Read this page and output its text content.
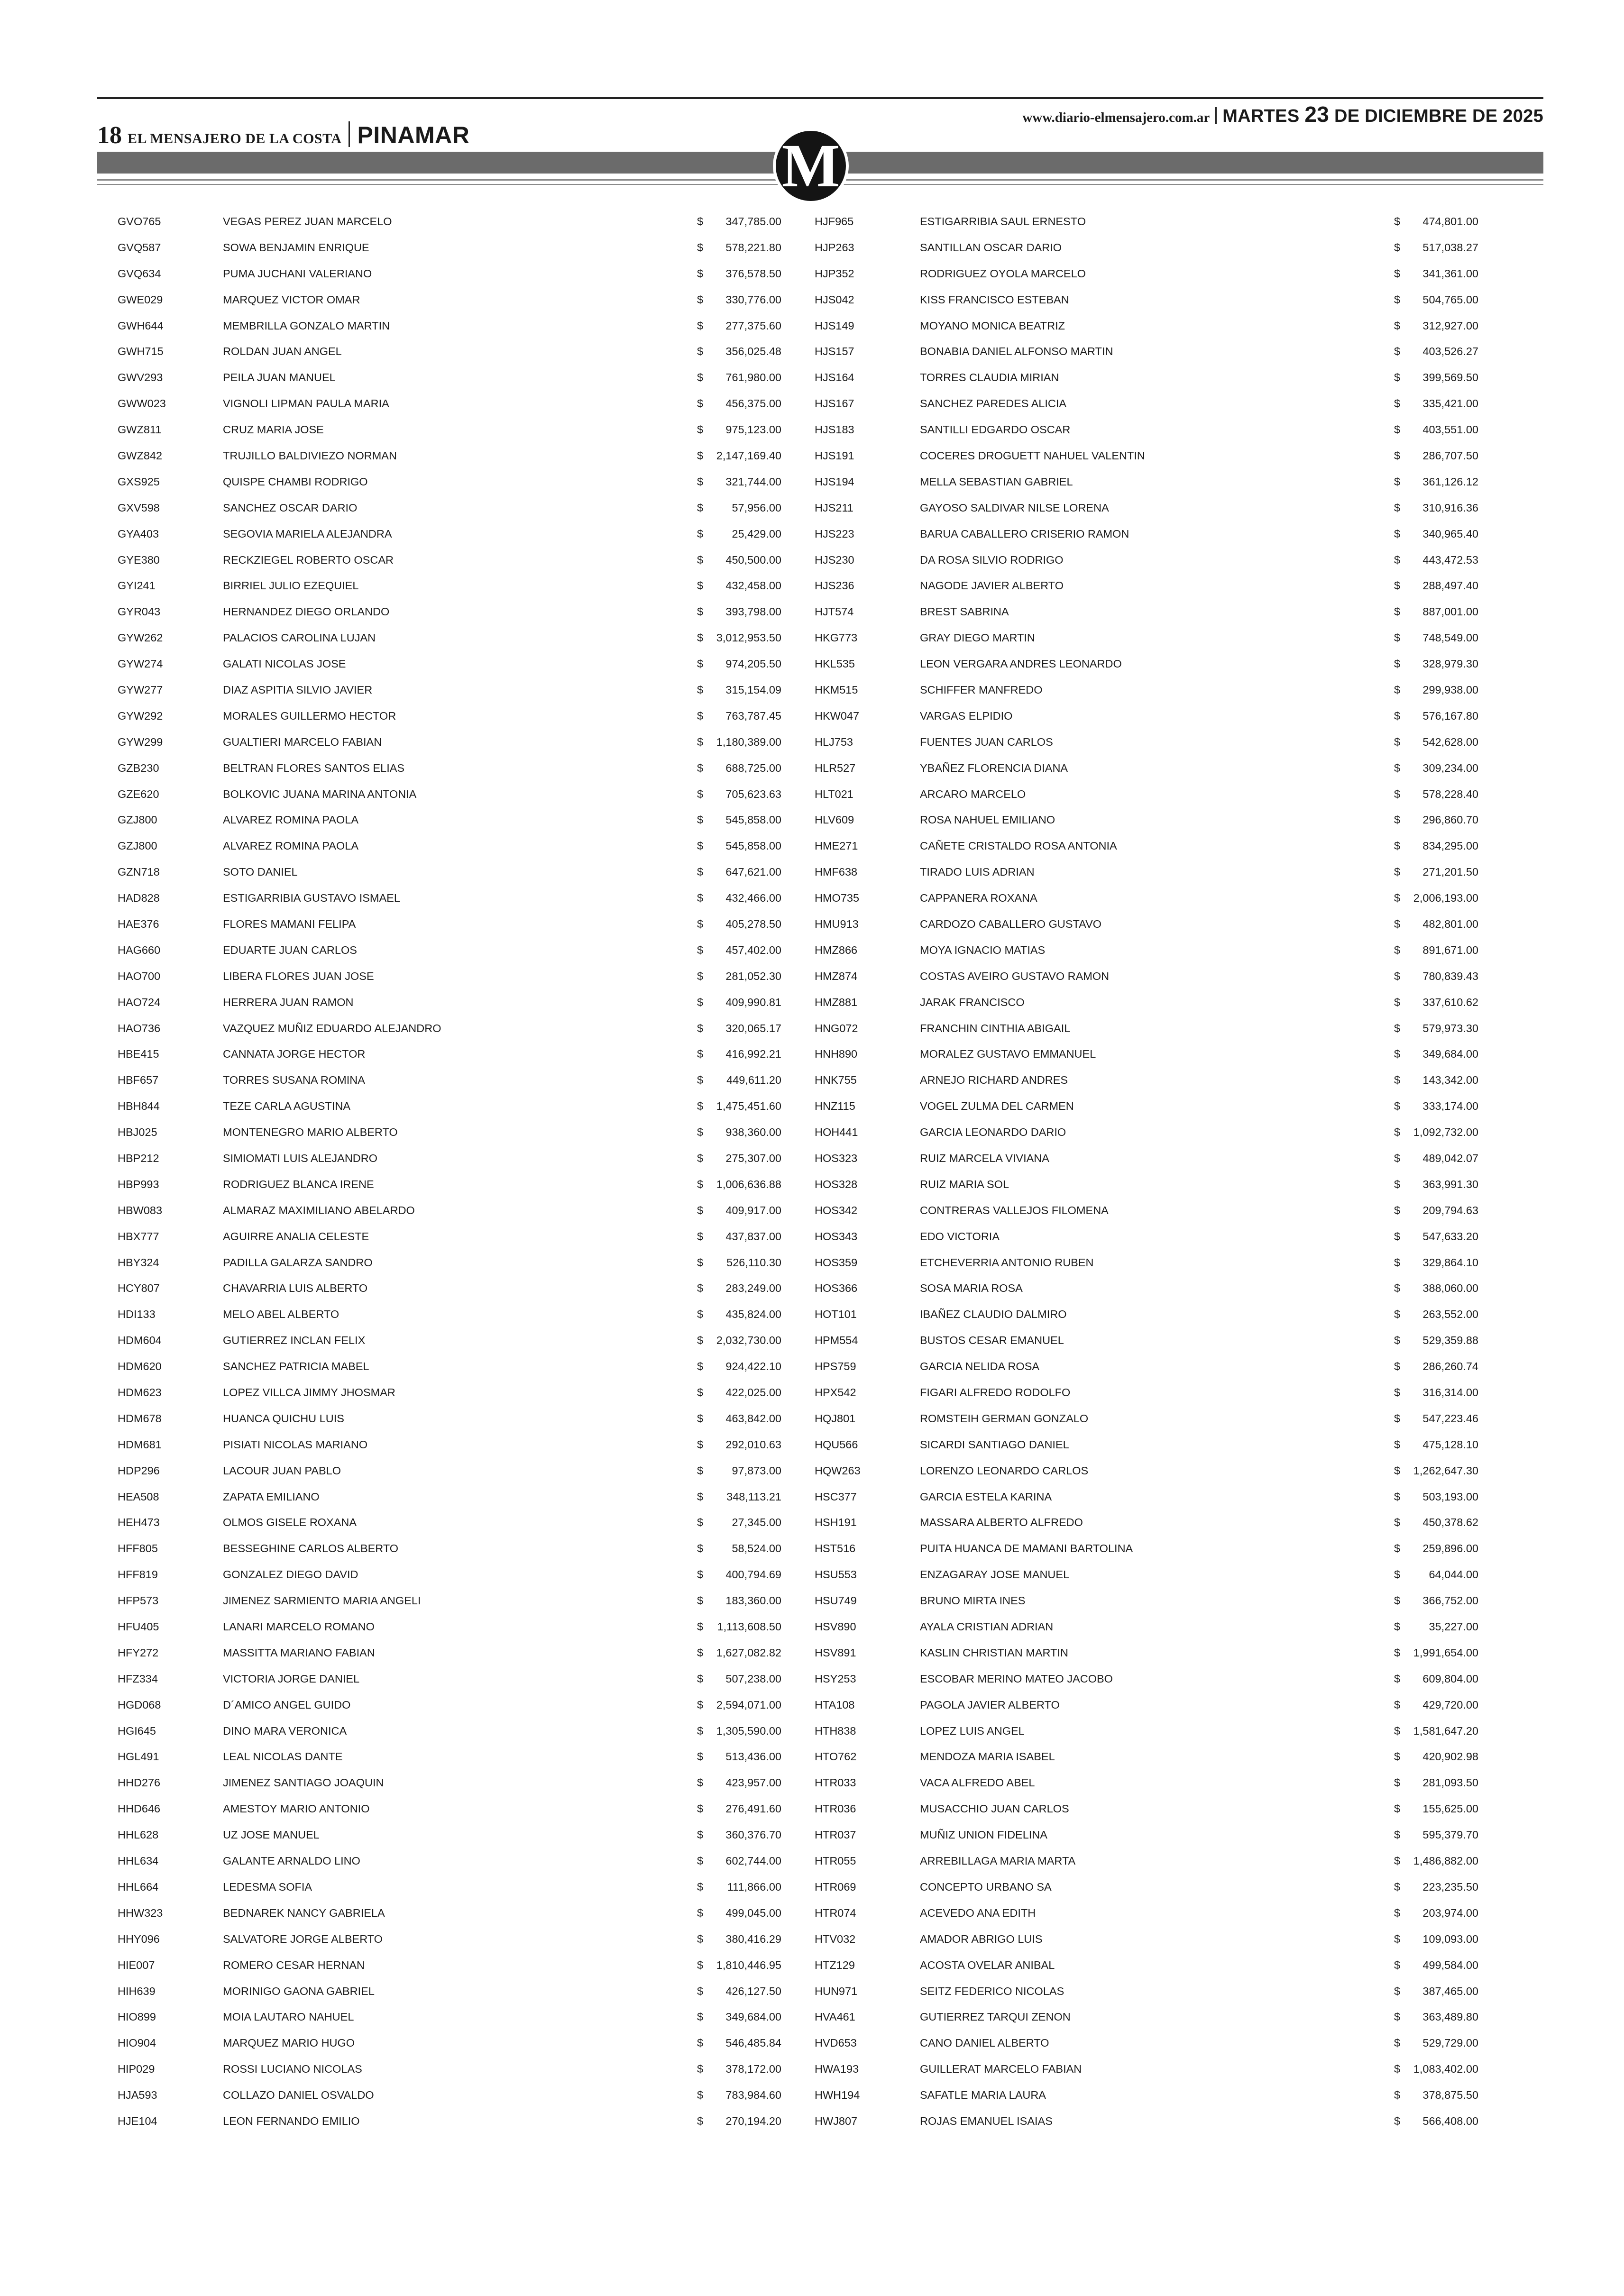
18 EL MENSAJERO DE LA COSTA PINAMAR
www.diario-elmensajero.com.ar MARTES 23 DE DICIEMBRE DE 2025
M
GVO765	VEGAS PEREZ JUAN MARCELO	$ 347,785.00
GVQ587	SOWA BENJAMIN ENRIQUE	$ 578,221.80
GVQ634	PUMA JUCHANI VALERIANO	$ 376,578.50
GWE029	MARQUEZ VICTOR OMAR	$ 330,776.00
GWH644	MEMBRILLA GONZALO MARTIN	$ 277,375.60
GWH715	ROLDAN JUAN ANGEL	$ 356,025.48
GWV293	PEILA JUAN MANUEL	$ 761,980.00
GWW023	VIGNOLI LIPMAN PAULA MARIA	$ 456,375.00
GWZ811	CRUZ MARIA JOSE	$ 975,123.00
GWZ842	TRUJILLO BALDIVIEZO NORMAN	$ 2,147,169.40
GXS925	QUISPE CHAMBI RODRIGO	$ 321,744.00
GXV598	SANCHEZ OSCAR DARIO	$	57,956.00
GYA403	SEGOVIA MARIELA ALEJANDRA	$	25,429.00
GYE380	RECKZIEGEL ROBERTO OSCAR	$ 450,500.00
GYI241	BIRRIEL JULIO EZEQUIEL	$ 432,458.00
GYR043	HERNANDEZ DIEGO ORLANDO	$ 393,798.00
GYW262	PALACIOS CAROLINA LUJAN	$ 3,012,953.50
GYW274	GALATI NICOLAS JOSE	$ 974,205.50
GYW277	DIAZ ASPITIA SILVIO JAVIER	$ 315,154.09
GYW292	MORALES GUILLERMO HECTOR	$ 763,787.45
GYW299	GUALTIERI MARCELO FABIAN	$ 1,180,389.00
GZB230	BELTRAN FLORES SANTOS ELIAS	$ 688,725.00
GZE620	BOLKOVIC JUANA MARINA ANTONIA	$ 705,623.63
GZJ800	ALVAREZ ROMINA PAOLA	$ 545,858.00
GZJ800	ALVAREZ ROMINA PAOLA	$ 545,858.00
GZN718	SOTO DANIEL	$ 647,621.00
HAD828	ESTIGARRIBIA GUSTAVO ISMAEL	$ 432,466.00
HAE376	FLORES MAMANI FELIPA	$ 405,278.50
HAG660	EDUARTE JUAN CARLOS	$ 457,402.00
HAO700	LIBERA FLORES JUAN JOSE	$ 281,052.30
HAO724	HERRERA JUAN RAMON	$ 409,990.81
HAO736	VAZQUEZ MUÑIZ EDUARDO ALEJANDRO	$ 320,065.17
HBE415	CANNATA JORGE HECTOR	$ 416,992.21
HBF657	TORRES SUSANA ROMINA	$ 449,611.20
HBH844	TEZE CARLA AGUSTINA	$ 1,475,451.60
HBJ025	MONTENEGRO MARIO ALBERTO	$ 938,360.00
HBP212	SIMIOMATI LUIS ALEJANDRO	$ 275,307.00
HBP993	RODRIGUEZ BLANCA IRENE	$ 1,006,636.88
HBW083	ALMARAZ MAXIMILIANO ABELARDO	$ 409,917.00
HBX777	AGUIRRE ANALIA CELESTE	$ 437,837.00
HBY324	PADILLA GALARZA SANDRO	$ 526,110.30
HCY807	CHAVARRIA LUIS ALBERTO	$ 283,249.00
HDI133	MELO ABEL ALBERTO	$ 435,824.00
HDM604	GUTIERREZ INCLAN FELIX	$ 2,032,730.00
HDM620	SANCHEZ PATRICIA MABEL	$ 924,422.10
HDM623	LOPEZ VILLCA JIMMY JHOSMAR	$ 422,025.00
HDM678	HUANCA QUICHU LUIS	$ 463,842.00
HDM681	PISIATI NICOLAS MARIANO	$ 292,010.63
HDP296	LACOUR JUAN PABLO	$	97,873.00
HEA508	ZAPATA EMILIANO	$ 348,113.21
HEH473	OLMOS GISELE ROXANA	$	27,345.00
HFF805	BESSEGHINE CARLOS ALBERTO	$	58,524.00
HFF819	GONZALEZ DIEGO DAVID	$ 400,794.69
HFP573	JIMENEZ SARMIENTO MARIA ANGELI	$ 183,360.00
HFU405	LANARI MARCELO ROMANO	$ 1,113,608.50
HFY272	MASSITTA MARIANO FABIAN	$ 1,627,082.82
HFZ334	VICTORIA JORGE DANIEL	$ 507,238.00
HGD068	D´AMICO ANGEL GUIDO	$ 2,594,071.00
HGI645	DINO MARA VERONICA	$ 1,305,590.00
HGL491	LEAL NICOLAS DANTE	$ 513,436.00
HHD276	JIMENEZ SANTIAGO JOAQUIN	$ 423,957.00
HHD646	AMESTOY MARIO ANTONIO	$ 276,491.60
HHL628	UZ JOSE MANUEL	$ 360,376.70
HHL634	GALANTE ARNALDO LINO	$ 602,744.00
HHL664	LEDESMA SOFIA	$ 111,866.00
HHW323	BEDNAREK NANCY GABRIELA	$ 499,045.00
HHY096	SALVATORE JORGE ALBERTO	$ 380,416.29
HIE007	ROMERO CESAR HERNAN	$ 1,810,446.95
HIH639	MORINIGO GAONA GABRIEL	$ 426,127.50
HIO899	MOIA LAUTARO NAHUEL	$ 349,684.00
HIO904	MARQUEZ MARIO HUGO	$ 546,485.84
HIP029	ROSSI LUCIANO NICOLAS	$ 378,172.00
HJA593	COLLAZO DANIEL OSVALDO	$ 783,984.60
HJE104	LEON FERNANDO EMILIO	$ 270,194.20
HJF965	ESTIGARRIBIA SAUL ERNESTO	$ 474,801.00
HJP263	SANTILLAN OSCAR DARIO	$ 517,038.27
HJP352	RODRIGUEZ OYOLA MARCELO	$ 341,361.00
HJS042	KISS FRANCISCO ESTEBAN	$ 504,765.00
HJS149	MOYANO MONICA BEATRIZ	$ 312,927.00
HJS157	BONABIA DANIEL ALFONSO MARTIN	$ 403,526.27
HJS164	TORRES CLAUDIA MIRIAN	$ 399,569.50
HJS167	SANCHEZ PAREDES ALICIA	$ 335,421.00
HJS183	SANTILLI EDGARDO OSCAR	$ 403,551.00
HJS191	COCERES DROGUETT NAHUEL VALENTIN	$ 286,707.50
HJS194	MELLA SEBASTIAN GABRIEL	$ 361,126.12
HJS211	GAYOSO SALDIVAR NILSE LORENA	$ 310,916.36
HJS223	BARUA CABALLERO CRISERIO RAMON	$ 340,965.40
HJS230	DA ROSA SILVIO RODRIGO	$ 443,472.53
HJS236	NAGODE JAVIER ALBERTO	$ 288,497.40
HJT574	BREST SABRINA	$ 887,001.00
HKG773	GRAY DIEGO MARTIN	$ 748,549.00
HKL535	LEON VERGARA ANDRES LEONARDO	$ 328,979.30
HKM515	SCHIFFER MANFREDO	$ 299,938.00
HKW047	VARGAS ELPIDIO	$ 576,167.80
HLJ753	FUENTES JUAN CARLOS	$ 542,628.00
HLR527	YBAÑEZ FLORENCIA DIANA	$ 309,234.00
HLT021	ARCARO MARCELO	$ 578,228.40
HLV609	ROSA NAHUEL EMILIANO	$ 296,860.70
HME271	CAÑETE CRISTALDO ROSA ANTONIA	$ 834,295.00
HMF638	TIRADO LUIS ADRIAN	$ 271,201.50
HMO735	CAPPANERA ROXANA	$ 2,006,193.00
HMU913	CARDOZO CABALLERO GUSTAVO	$ 482,801.00
HMZ866	MOYA IGNACIO MATIAS	$ 891,671.00
HMZ874	COSTAS AVEIRO GUSTAVO RAMON	$ 780,839.43
HMZ881	JARAK FRANCISCO	$ 337,610.62
HNG072	FRANCHIN CINTHIA ABIGAIL	$ 579,973.30
HNH890	MORALEZ GUSTAVO EMMANUEL	$ 349,684.00
HNK755	ARNEJO RICHARD ANDRES	$ 143,342.00
HNZ115	VOGEL ZULMA DEL CARMEN	$ 333,174.00
HOH441	GARCIA LEONARDO DARIO	$ 1,092,732.00
HOS323	RUIZ MARCELA VIVIANA	$ 489,042.07
HOS328	RUIZ MARIA SOL	$ 363,991.30
HOS342	CONTRERAS VALLEJOS FILOMENA	$ 209,794.63
HOS343	EDO VICTORIA	$ 547,633.20
HOS359	ETCHEVERRIA ANTONIO RUBEN	$ 329,864.10
HOS366	SOSA MARIA ROSA	$ 388,060.00
HOT101	IBAÑEZ CLAUDIO DALMIRO	$ 263,552.00
HPM554	BUSTOS CESAR EMANUEL	$ 529,359.88
HPS759	GARCIA NELIDA ROSA	$ 286,260.74
HPX542	FIGARI ALFREDO RODOLFO	$ 316,314.00
HQJ801	ROMSTEIH GERMAN GONZALO	$ 547,223.46
HQU566	SICARDI SANTIAGO DANIEL	$ 475,128.10
HQW263	LORENZO LEONARDO CARLOS	$ 1,262,647.30
HSC377	GARCIA ESTELA KARINA	$ 503,193.00
HSH191	MASSARA ALBERTO ALFREDO	$ 450,378.62
HST516	PUITA HUANCA DE MAMANI BARTOLINA	$ 259,896.00
HSU553	ENZAGARAY JOSE MANUEL	$	64,044.00
HSU749	BRUNO MIRTA INES	$ 366,752.00
HSV890	AYALA CRISTIAN ADRIAN	$	35,227.00
HSV891	KASLIN CHRISTIAN MARTIN	$ 1,991,654.00
HSY253	ESCOBAR MERINO MATEO JACOBO	$ 609,804.00
HTA108	PAGOLA JAVIER ALBERTO	$ 429,720.00
HTH838	LOPEZ LUIS ANGEL	$ 1,581,647.20
HTO762	MENDOZA MARIA ISABEL	$ 420,902.98
HTR033	VACA ALFREDO ABEL	$ 281,093.50
HTR036	MUSACCHIO JUAN CARLOS	$ 155,625.00
HTR037	MUÑIZ UNION FIDELINA	$ 595,379.70
HTR055	ARREBILLAGA MARIA MARTA	$ 1,486,882.00
HTR069	CONCEPTO URBANO SA	$ 223,235.50
HTR074	ACEVEDO ANA EDITH	$ 203,974.00
HTV032	AMADOR ABRIGO LUIS	$ 109,093.00
HTZ129	ACOSTA OVELAR ANIBAL	$ 499,584.00
HUN971	SEITZ FEDERICO NICOLAS	$ 387,465.00
HVA461	GUTIERREZ TARQUI ZENON	$ 363,489.80
HVD653	CANO DANIEL ALBERTO	$ 529,729.00
HWA193	GUILLERAT MARCELO FABIAN	$ 1,083,402.00
HWH194	SAFATLE MARIA LAURA	$ 378,875.50
HWJ807	ROJAS EMANUEL ISAIAS	$ 566,408.00
